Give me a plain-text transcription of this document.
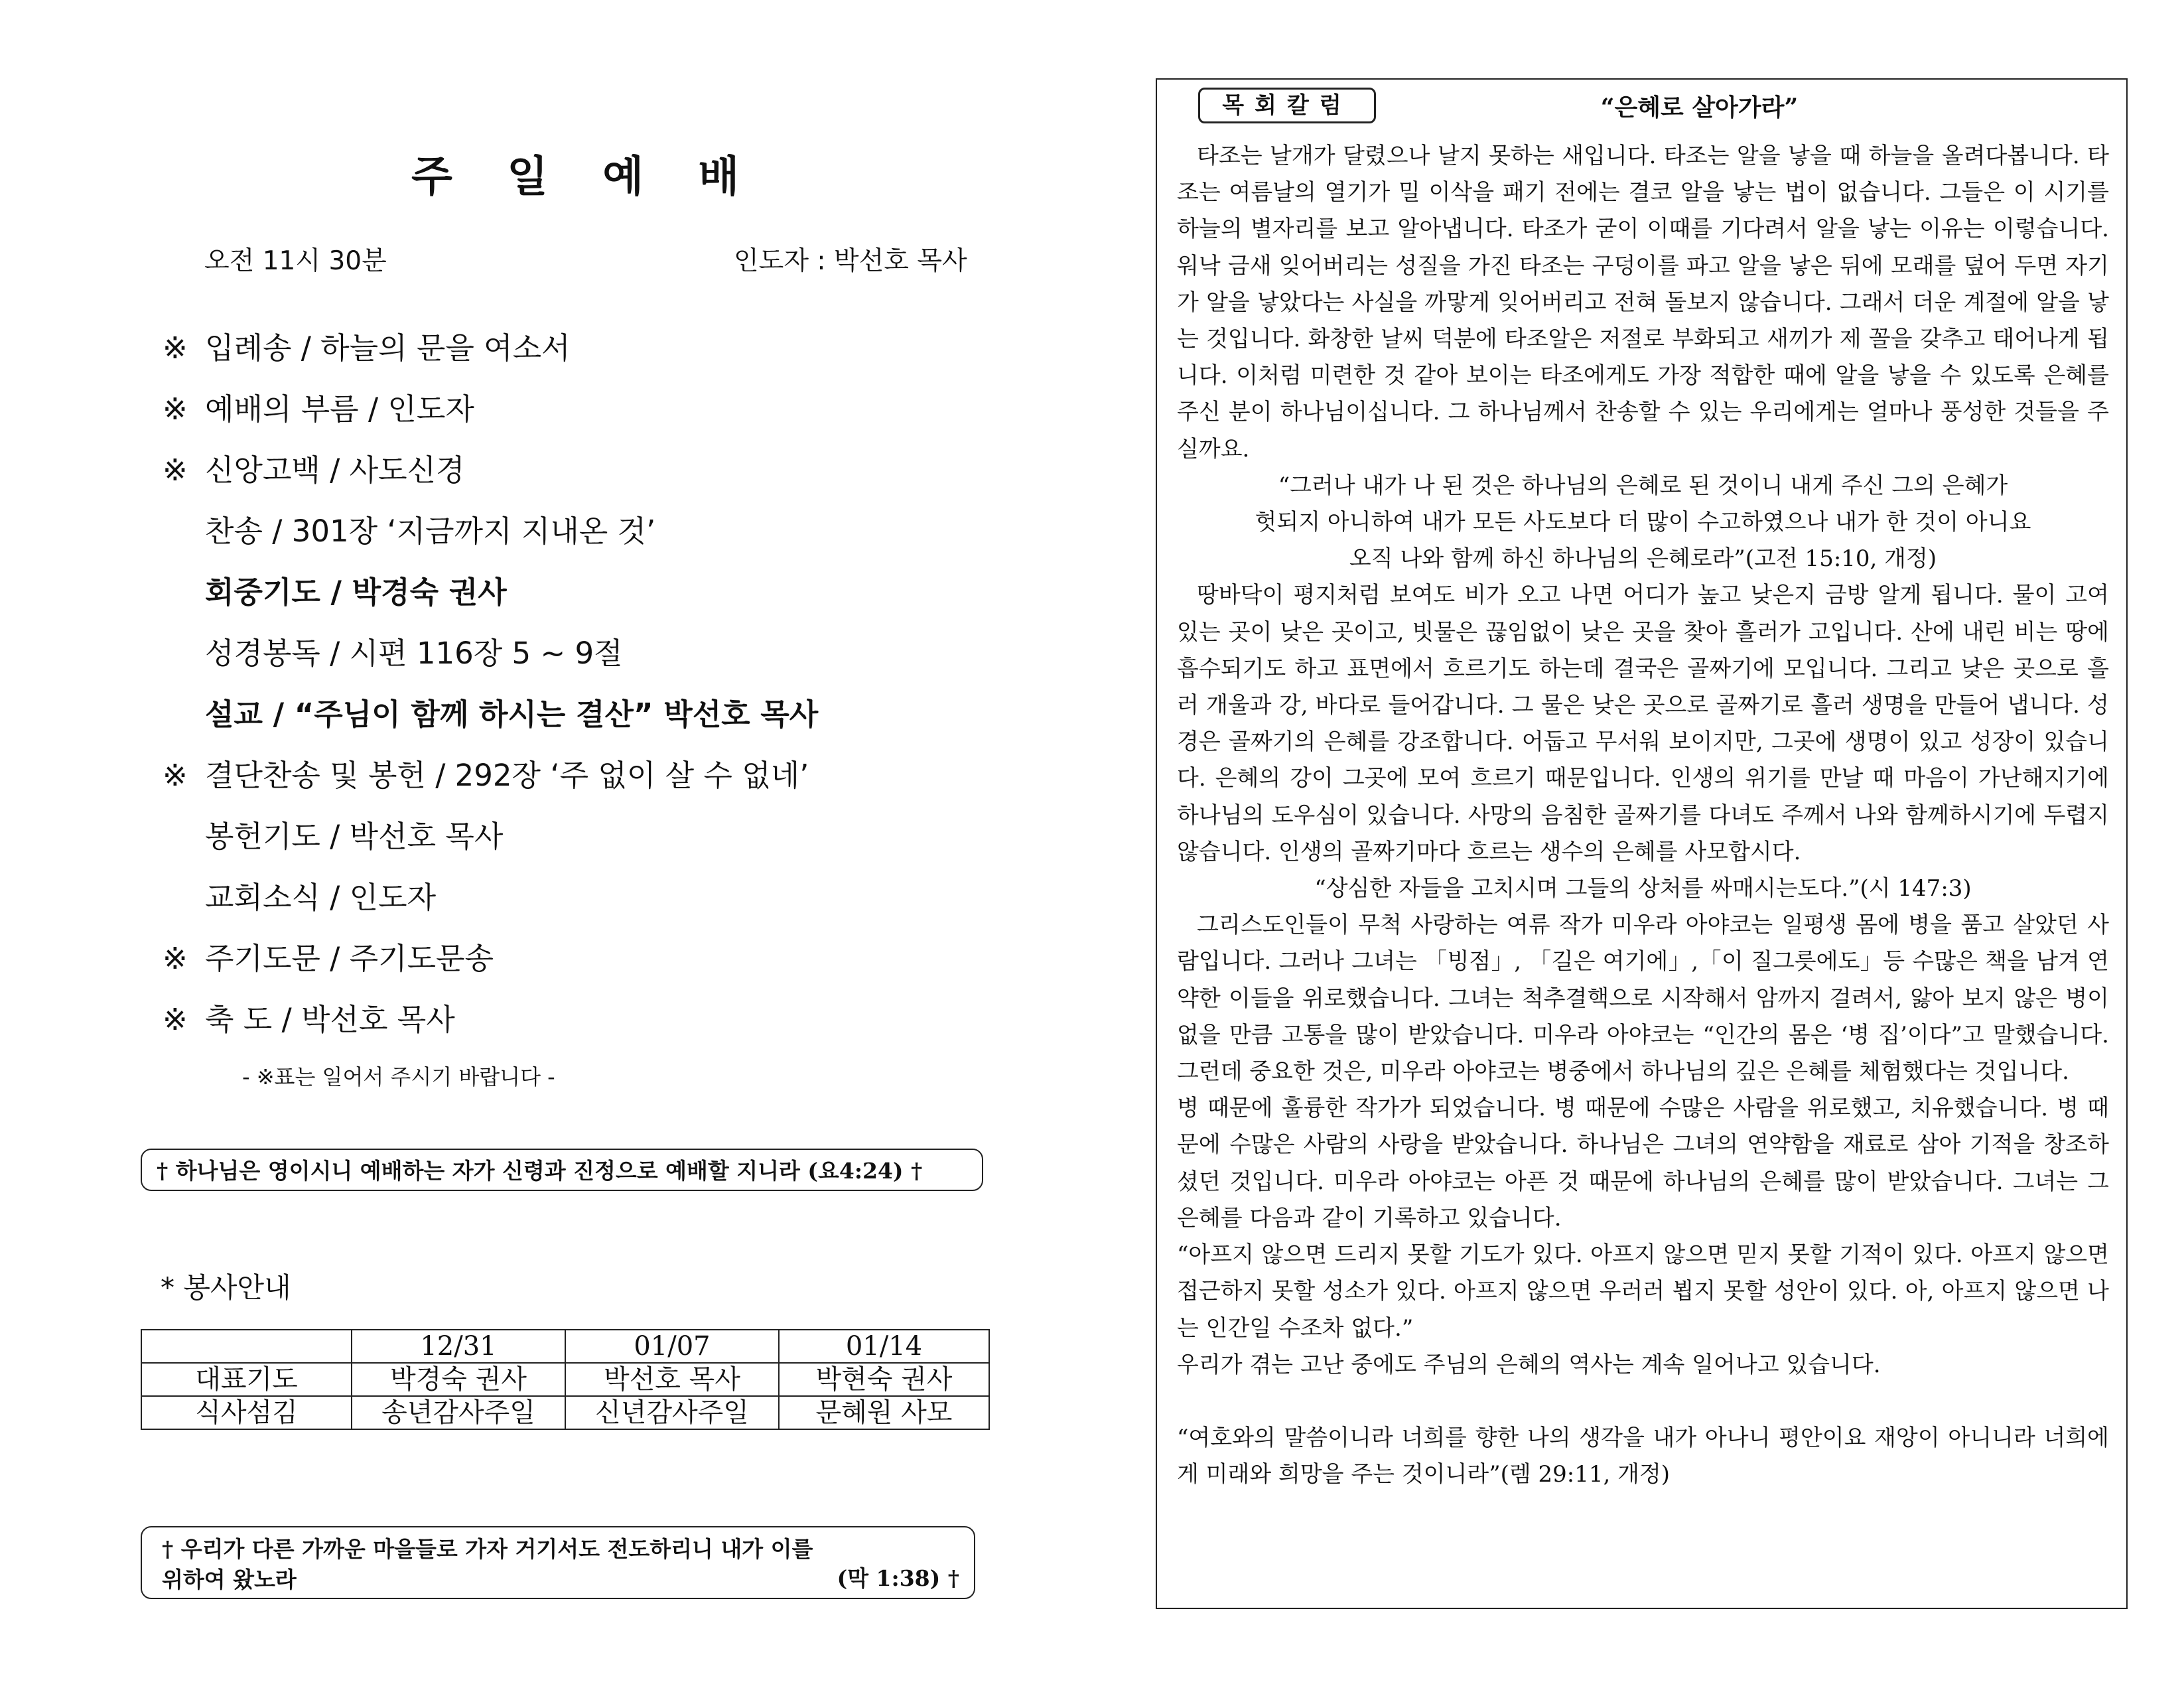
주 일 예 배
오전 11시 30분	인도자 : 박선호 목사
※ 입례송 / 하늘의 문을 여소서
※ 예배의 부름 / 인도자
※ 신앙고백 / 사도신경
찬송 / 301장 ‘지금까지 지내온 것’
회중기도 / 박경숙 권사
성경봉독 / 시편 116장 5 ~ 9절
설교 / “주님이 함께 하시는 결산” 박선호 목사
※ 결단찬송 및 봉헌 / 292장 ‘주 없이 살 수 없네’
봉헌기도 / 박선호 목사
교회소식 / 인도자
※ 주기도문 / 주기도문송
※ 축 도 / 박선호 목사
- ※표는 일어서 주시기 바랍니다 -
† 하나님은 영이시니 예배하는 자가 신령과 진정으로 예배할 지니라 (요4:24) †
* 봉사안내
	12/31	01/07	01/14
대표기도	박경숙 권사	박선호 목사	박현숙 권사
식사섬김	송년감사주일	신년감사주일	문혜원 사모
† 우리가 다른 가까운 마을들로 가자 거기서도 전도하리니 내가 이를 위하여 왔노라	(막 1:38) †
목회칼럼	“은혜로 살아가라”

타조는 날개가 달렸으나 날지 못하는 새입니다. 타조는 알을 낳을 때 하늘을 올려다봅니다. 타조는 여름날의 열기가 밀 이삭을 패기 전에는 결코 알을 낳는 법이 없습니다. 그들은 이 시기를 하늘의 별자리를 보고 알아냅니다. 타조가 굳이 이때를 기다려서 알을 낳는 이유는 이렇습니다. 워낙 금새 잊어버리는 성질을 가진 타조는 구덩이를 파고 알을 낳은 뒤에 모래를 덮어 두면 자기가 알을 낳았다는 사실을 까맣게 잊어버리고 전혀 돌보지 않습니다. 그래서 더운 계절에 알을 낳는 것입니다. 화창한 날씨 덕분에 타조알은 저절로 부화되고 새끼가 제 꼴을 갖추고 태어나게 됩니다. 이처럼 미련한 것 같아 보이는 타조에게도 가장 적합한 때에 알을 낳을 수 있도록 은혜를 주신 분이 하나님이십니다. 그 하나님께서 찬송할 수 있는 우리에게는 얼마나 풍성한 것들을 주실까요.

“그러나 내가 나 된 것은 하나님의 은혜로 된 것이니 내게 주신 그의 은혜가

헛되지 아니하여 내가 모든 사도보다 더 많이 수고하였으나 내가 한 것이 아니요

오직 나와 함께 하신 하나님의 은혜로라”(고전 15:10, 개정)

땅바닥이 평지처럼 보여도 비가 오고 나면 어디가 높고 낮은지 금방 알게 됩니다. 물이 고여 있는 곳이 낮은 곳이고, 빗물은 끊임없이 낮은 곳을 찾아 흘러가 고입니다. 산에 내린 비는 땅에 흡수되기도 하고 표면에서 흐르기도 하는데 결국은 골짜기에 모입니다. 그리고 낮은 곳으로 흘러 개울과 강, 바다로 들어갑니다. 그 물은 낮은 곳으로 골짜기로 흘러 생명을 만들어 냅니다. 성경은 골짜기의 은혜를 강조합니다. 어둡고 무서워 보이지만, 그곳에 생명이 있고 성장이 있습니다. 은혜의 강이 그곳에 모여 흐르기 때문입니다. 인생의 위기를 만날 때 마음이 가난해지기에 하나님의 도우심이 있습니다. 사망의 음침한 골짜기를 다녀도 주께서 나와 함께하시기에 두렵지 않습니다. 인생의 골짜기마다 흐르는 생수의 은혜를 사모합시다.

“상심한 자들을 고치시며 그들의 상처를 싸매시는도다.”(시 147:3)

그리스도인들이 무척 사랑하는 여류 작가 미우라 아야코는 일평생 몸에 병을 품고 살았던 사람입니다. 그러나 그녀는 「빙점」, 「길은 여기에」,「이 질그릇에도」등 수많은 책을 남겨 연약한 이들을 위로했습니다. 그녀는 척추결핵으로 시작해서 암까지 걸려서, 앓아 보지 않은 병이 없을 만큼 고통을 많이 받았습니다. 미우라 아야코는 “인간의 몸은 ‘병 집’이다”고 말했습니다. 그런데 중요한 것은, 미우라 아야코는 병중에서 하나님의 깊은 은혜를 체험했다는 것입니다.

병 때문에 훌륭한 작가가 되었습니다. 병 때문에 수많은 사람을 위로했고, 치유했습니다. 병 때문에 수많은 사람의 사랑을 받았습니다. 하나님은 그녀의 연약함을 재료로 삼아 기적을 창조하셨던 것입니다. 미우라 아야코는 아픈 것 때문에 하나님의 은혜를 많이 받았습니다. 그녀는 그 은혜를 다음과 같이 기록하고 있습니다.

“아프지 않으면 드리지 못할 기도가 있다. 아프지 않으면 믿지 못할 기적이 있다. 아프지 않으면 접근하지 못할 성소가 있다. 아프지 않으면 우러러 뵙지 못할 성안이 있다. 아, 아프지 않으면 나는 인간일 수조차 없다.”

우리가 겪는 고난 중에도 주님의 은혜의 역사는 계속 일어나고 있습니다.

“여호와의 말씀이니라 너희를 향한 나의 생각을 내가 아나니 평안이요 재앙이 아니니라 너희에게 미래와 희망을 주는 것이니라”(렘 29:11, 개정)
